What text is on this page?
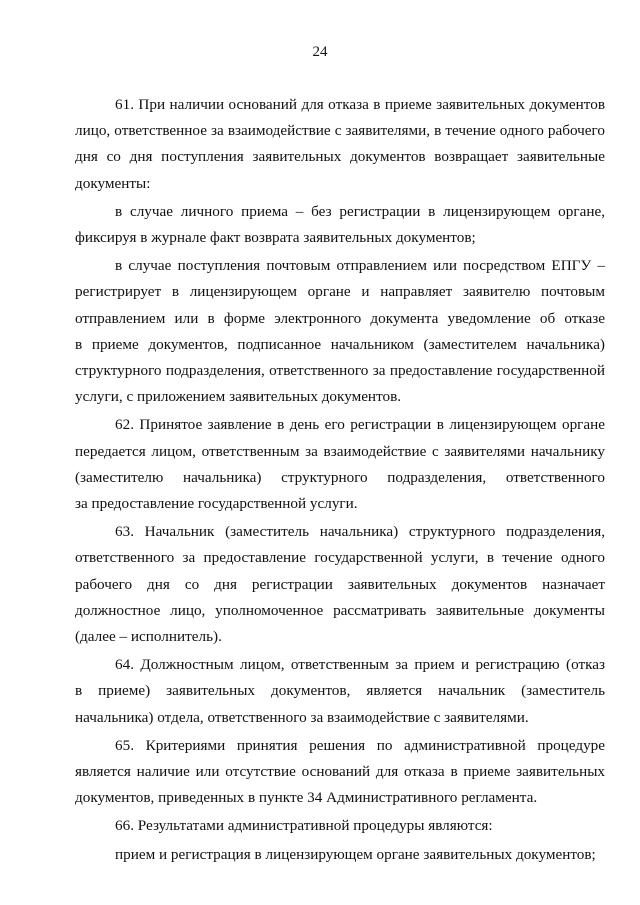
24
61. При наличии оснований для отказа в приеме заявительных документов
лицо, ответственное за взаимодействие с заявителями, в течение одного рабочего
дня со дня поступления заявительных документов возвращает заявительные
документы:
в случае личного приема – без регистрации в лицензирующем органе,
фиксируя в журнале факт возврата заявительных документов;
в случае поступления почтовым отправлением или посредством ЕПГУ –
регистрирует в лицензирующем органе и направляет заявителю почтовым
отправлением или в форме электронного документа уведомление об отказе
в приеме документов, подписанное начальником (заместителем начальника)
структурного подразделения, ответственного за предоставление государственной
услуги, с приложением заявительных документов.
62. Принятое заявление в день его регистрации в лицензирующем органе
передается лицом, ответственным за взаимодействие с заявителями начальнику
(заместителю начальника) структурного подразделения, ответственного
за предоставление государственной услуги.
63. Начальник (заместитель начальника) структурного подразделения,
ответственного за предоставление государственной услуги, в течение одного
рабочего дня со дня регистрации заявительных документов назначает
должностное лицо, уполномоченное рассматривать заявительные документы
(далее – исполнитель).
64. Должностным лицом, ответственным за прием и регистрацию (отказ
в приеме) заявительных документов, является начальник (заместитель
начальника) отдела, ответственного за взаимодействие с заявителями.
65. Критериями принятия решения по административной процедуре
является наличие или отсутствие оснований для отказа в приеме заявительных
документов, приведенных в пункте 34 Административного регламента.
66. Результатами административной процедуры являются:
прием и регистрация в лицензирующем органе заявительных документов;
